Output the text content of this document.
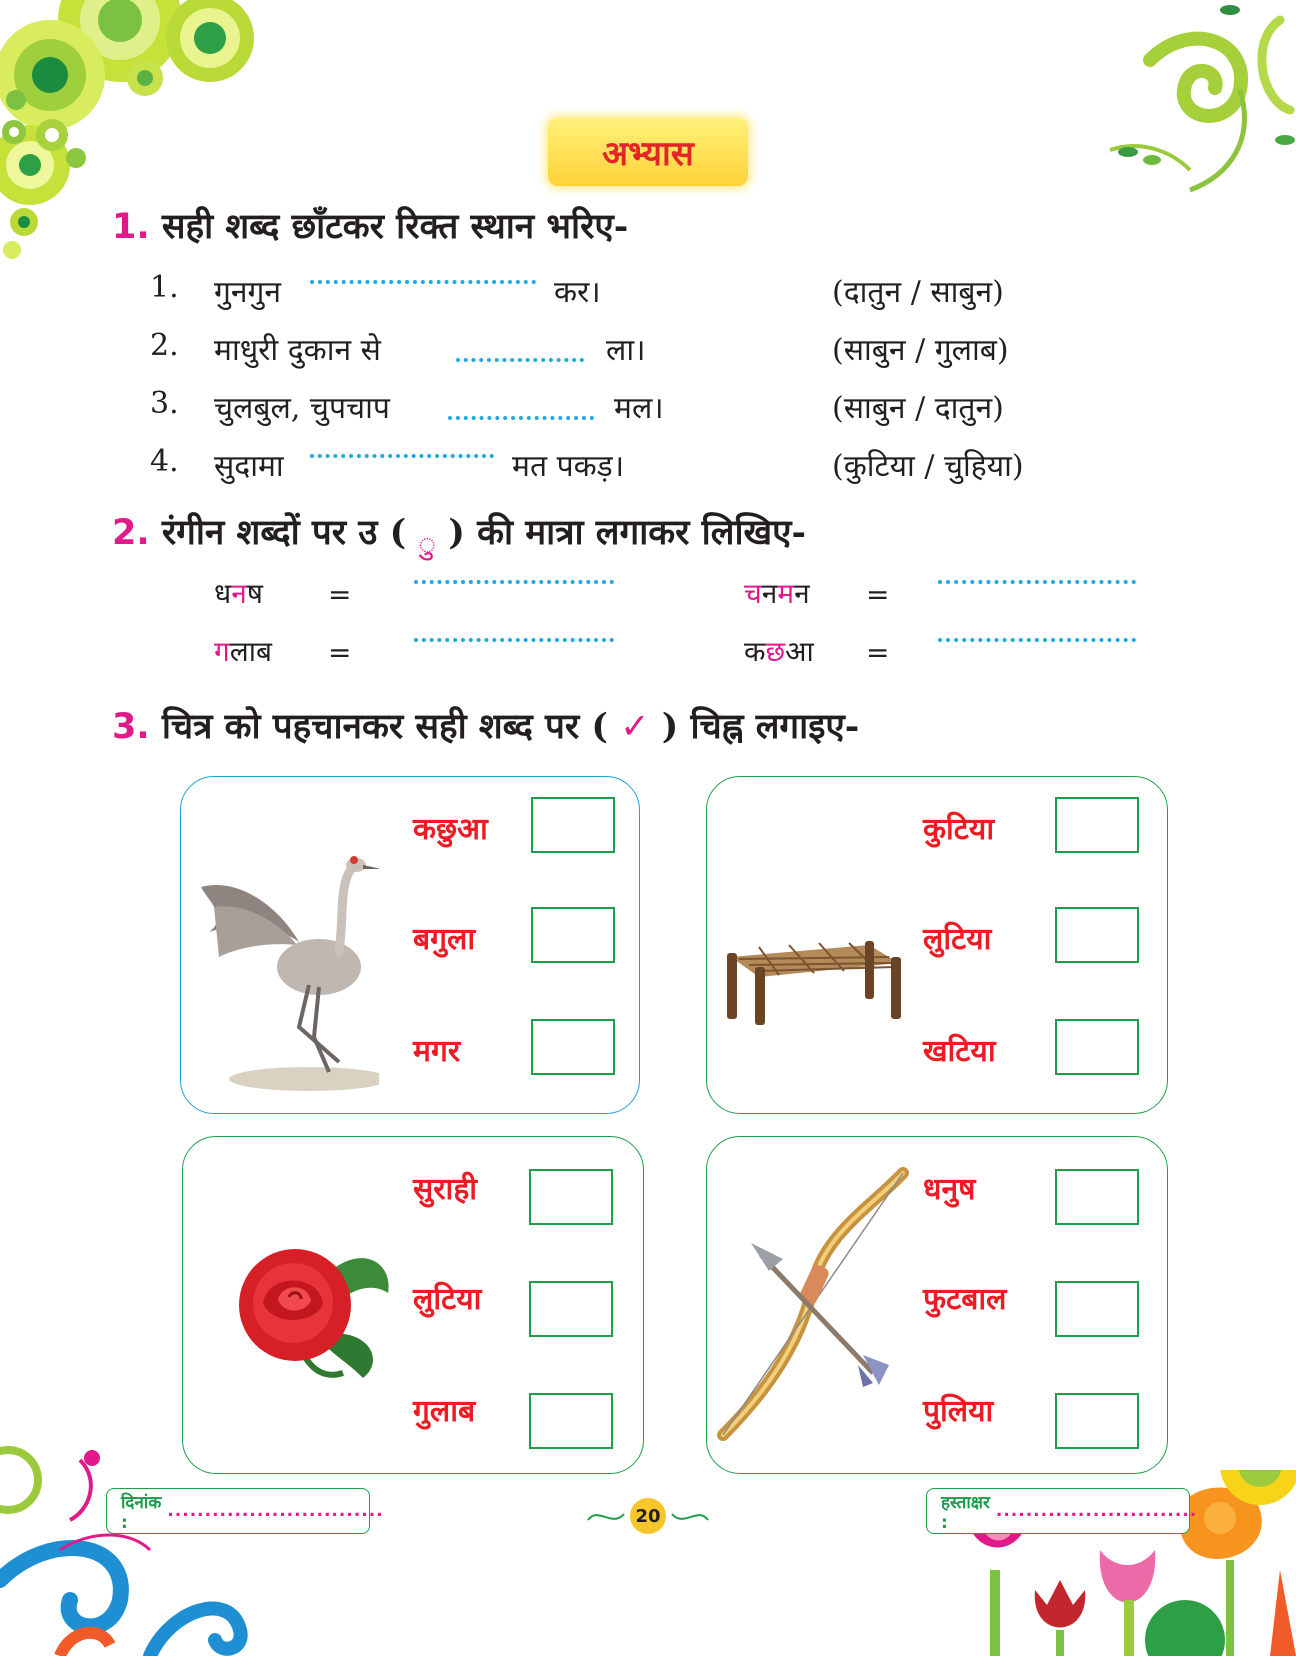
अभ्यास
1. सही शब्द छाँटकर रिक्त स्थान भरिए-
1. गुनगुन	कर।	(दातुन / साबुन)
2. माधुरी दुकान से	ला।	(साबुन / गुलाब)
3. चुलबुल, चुपचाप	मल।	(साबुन / दातुन)
4. सुदामा	मत पकड़।	(कुटिया / चुहिया)
2. रंगीन शब्दों पर उ ( ु ) की मात्रा लगाकर लिखिए-
धनष =	चनमन =
गलाब =	कछआ =
3. चित्र को पहचानकर सही शब्द पर ( ✓ ) चिह्न लगाइए-
कछुआ
बगुला
मगर
कुटिया
लुटिया
खटिया
सुराही
लुटिया
गुलाब
धनुष
फुटबाल
पुलिया
दिनांक :
.............................	20
हस्ताक्षर :
...........................
